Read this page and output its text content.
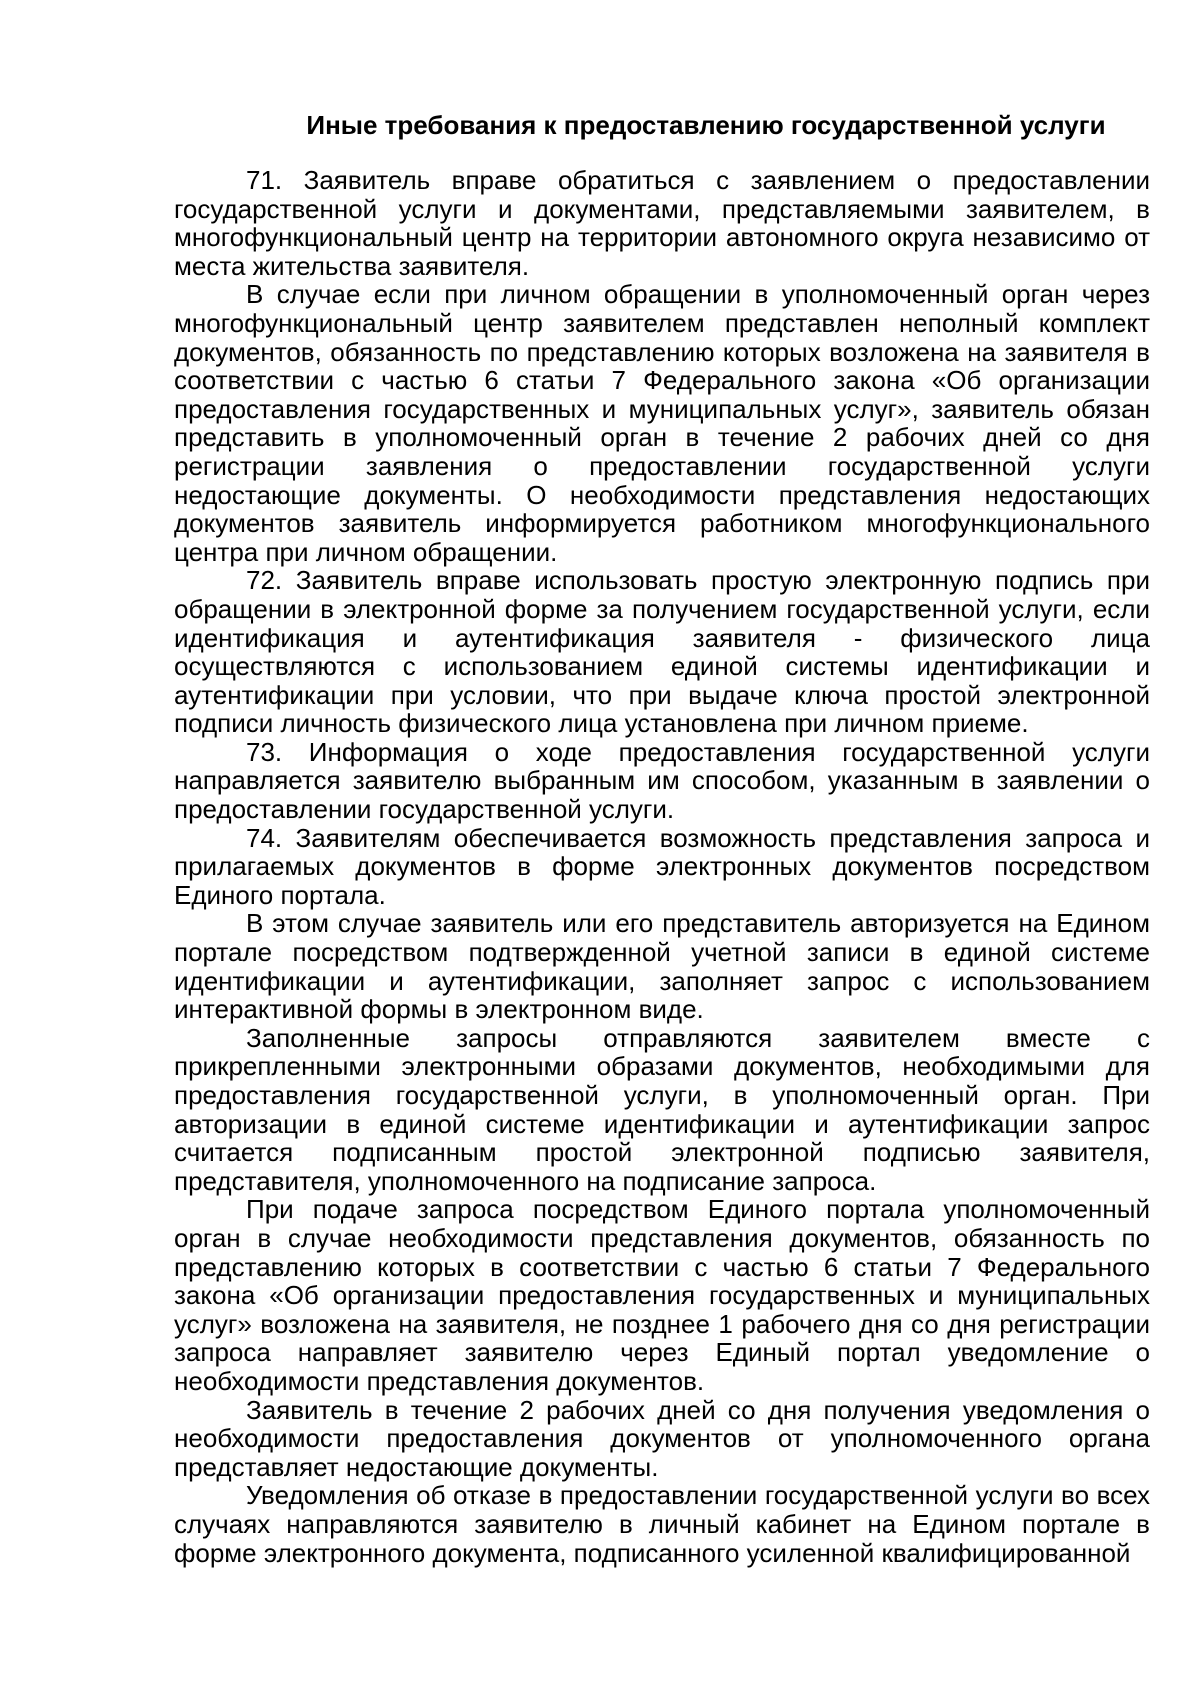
Иные требования к предоставлению государственной услуги

71. Заявитель вправе обратиться с заявлением о предоставлении государственной услуги и документами, представляемыми заявителем, в многофункциональный центр на территории автономного округа независимо от места жительства заявителя.

В случае если при личном обращении в уполномоченный орган через многофункциональный центр заявителем представлен неполный комплект документов, обязанность по представлению которых возложена на заявителя в соответствии с частью 6 статьи 7 Федерального закона «Об организации предоставления государственных и муниципальных услуг», заявитель обязан представить в уполномоченный орган в течение 2 рабочих дней со дня регистрации заявления о предоставлении государственной услуги недостающие документы. О необходимости представления недостающих документов заявитель информируется работником многофункционального центра при личном обращении.

72. Заявитель вправе использовать простую электронную подпись при обращении в электронной форме за получением государственной услуги, если идентификация и аутентификация заявителя - физического лица осуществляются с использованием единой системы идентификации и аутентификации при условии, что при выдаче ключа простой электронной подписи личность физического лица установлена при личном приеме.

73. Информация о ходе предоставления государственной услуги направляется заявителю выбранным им способом, указанным в заявлении о предоставлении государственной услуги.

74. Заявителям обеспечивается возможность представления запроса и прилагаемых документов в форме электронных документов посредством Единого портала.

В этом случае заявитель или его представитель авторизуется на Едином портале посредством подтвержденной учетной записи в единой системе идентификации и аутентификации, заполняет запрос с использованием интерактивной формы в электронном виде.

Заполненные запросы отправляются заявителем вместе с прикрепленными электронными образами документов, необходимыми для предоставления государственной услуги, в уполномоченный орган. При авторизации в единой системе идентификации и аутентификации запрос считается подписанным простой электронной подписью заявителя, представителя, уполномоченного на подписание запроса.

При подаче запроса посредством Единого портала уполномоченный орган в случае необходимости представления документов, обязанность по представлению которых в соответствии с частью 6 статьи 7 Федерального закона «Об организации предоставления государственных и муниципальных услуг» возложена на заявителя, не позднее 1 рабочего дня со дня регистрации запроса направляет заявителю через Единый портал уведомление о необходимости представления документов.

Заявитель в течение 2 рабочих дней со дня получения уведомления о необходимости предоставления документов от уполномоченного органа представляет недостающие документы.

Уведомления об отказе в предоставлении государственной услуги во всех случаях направляются заявителю в личный кабинет на Едином портале в форме электронного документа, подписанного усиленной квалифицированной
